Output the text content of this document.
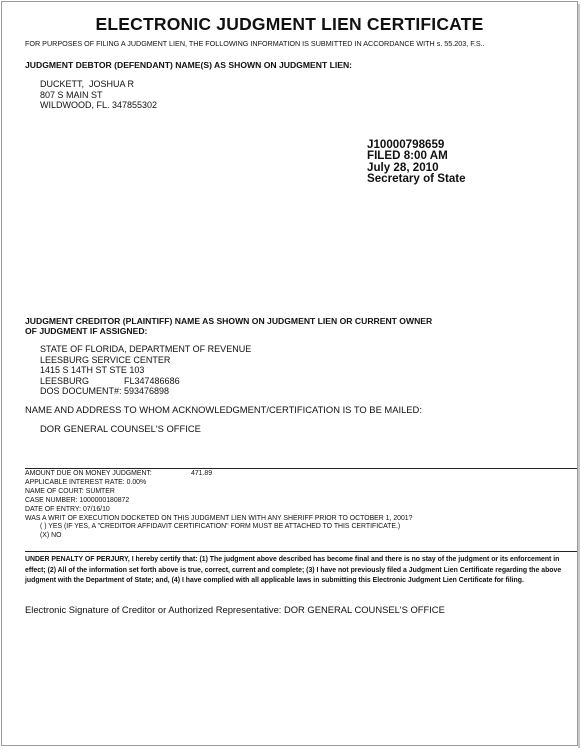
ELECTRONIC JUDGMENT LIEN CERTIFICATE
FOR PURPOSES OF FILING A JUDGMENT LIEN, THE FOLLOWING INFORMATION IS SUBMITTED IN ACCORDANCE WITH s. 55.203, F.S..
JUDGMENT DEBTOR (DEFENDANT) NAME(S) AS SHOWN ON JUDGMENT LIEN:
DUCKETT,  JOSHUA R
807 S MAIN ST
WILDWOOD, FL. 347855302
J10000798659
FILED 8:00 AM
July 28, 2010
Secretary of State
JUDGMENT CREDITOR (PLAINTIFF) NAME AS SHOWN ON JUDGMENT LIEN OR CURRENT OWNER
OF JUDGMENT IF ASSIGNED:
STATE OF FLORIDA, DEPARTMENT OF REVENUE
LEESBURG SERVICE CENTER
1415 S 14TH ST STE 103
LEESBURG              FL347486686
DOS DOCUMENT#: 593476898
NAME AND ADDRESS TO WHOM ACKNOWLEDGMENT/CERTIFICATION IS TO BE MAILED:
DOR GENERAL COUNSEL'S OFFICE
AMOUNT DUE ON MONEY JUDGMENT:	471.89
APPLICABLE INTEREST RATE: 0.00%
NAME OF COURT: SUMTER
CASE NUMBER: 1000000180872
DATE OF ENTRY: 07/16/10
WAS A WRIT OF EXECUTION DOCKETED ON THIS JUDGMENT LIEN WITH ANY SHERIFF PRIOR TO OCTOBER 1, 2001?
( ) YES (IF YES, A "CREDITOR AFFIDAVIT CERTIFICATION" FORM MUST BE ATTACHED TO THIS CERTIFICATE.)
(X) NO
UNDER PENALTY OF PERJURY, I hereby certify that: (1) The judgment above described has become final and there is no stay of the judgment or its enforcement in effect; (2) All of the information set forth above is true, correct, current and complete; (3) I have not previously filed a Judgment Lien Certificate regarding the above judgment with the Department of State; and, (4) I have complied with all applicable laws in submitting this Electronic Judgment Lien Certificate for filing.
Electronic Signature of Creditor or Authorized Representative: DOR GENERAL COUNSEL'S OFFICE
